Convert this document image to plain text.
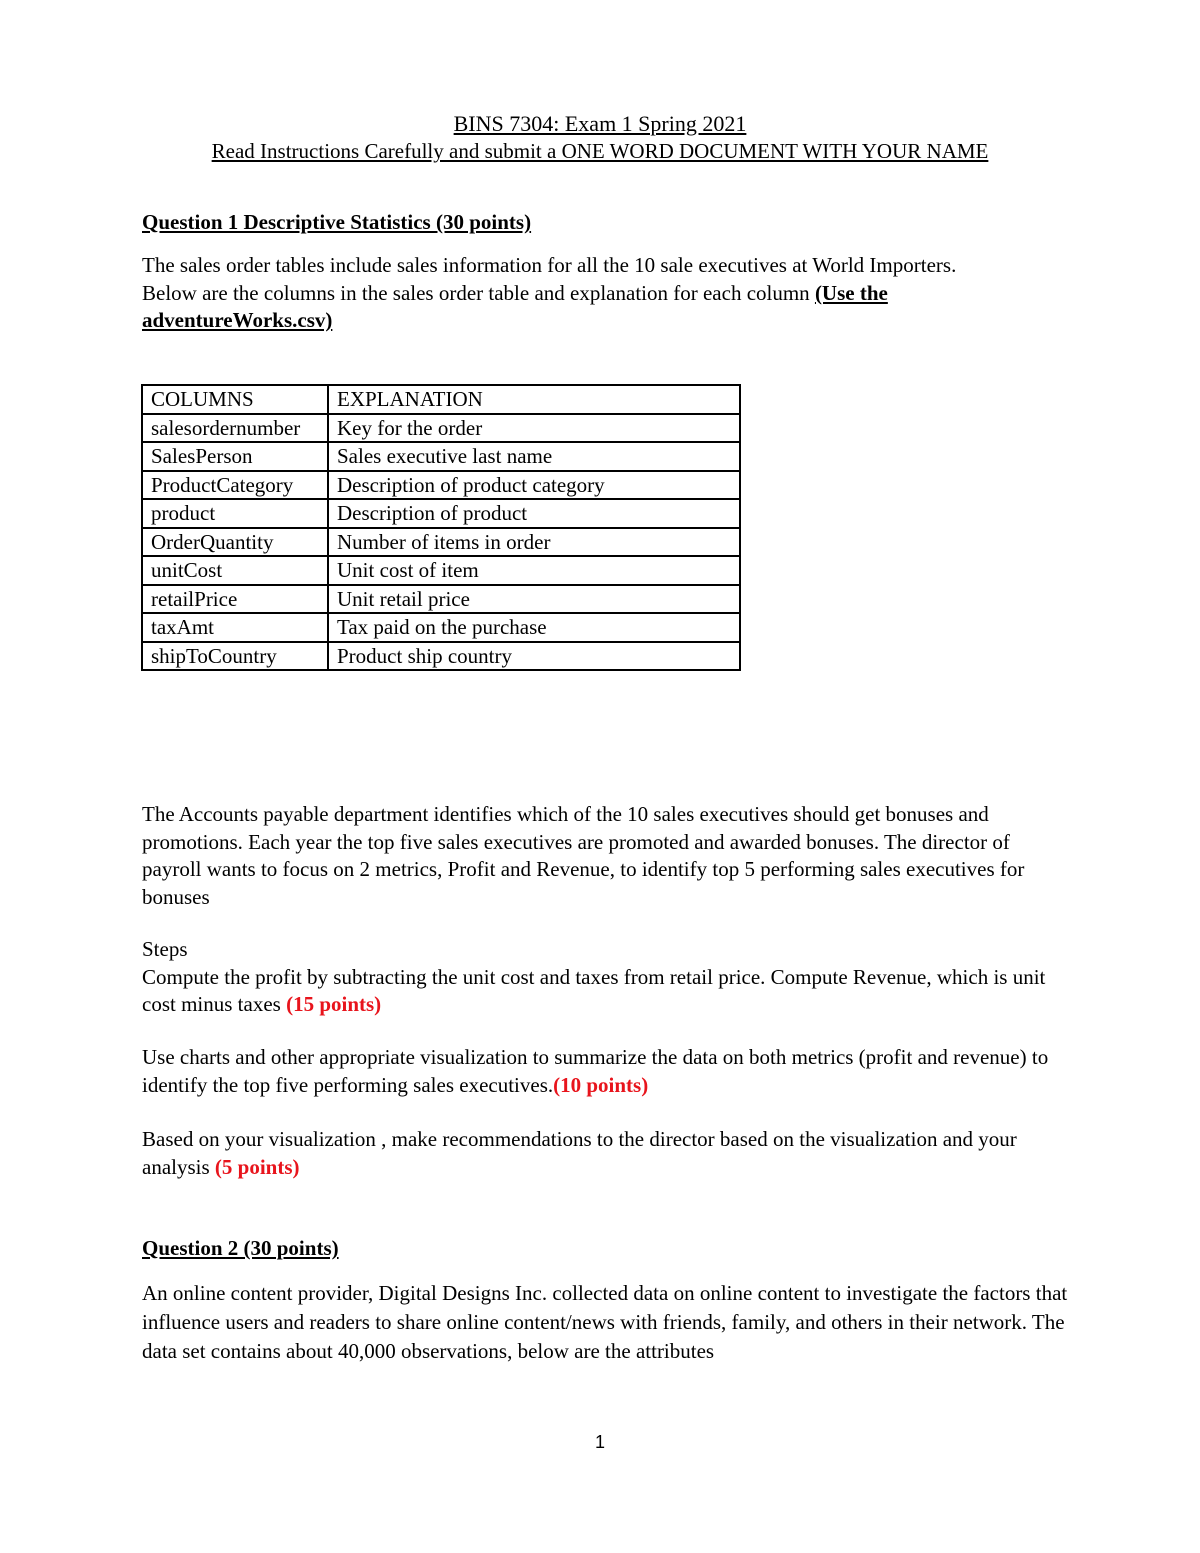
BINS 7304: Exam 1 Spring 2021
Read Instructions Carefully and submit a ONE WORD DOCUMENT WITH YOUR NAME
Question 1 Descriptive Statistics (30 points)
The sales order tables include sales information for all the 10 sale executives at World Importers.
Below are the columns in the sales order table and explanation for each column (Use the
adventureWorks.csv)
COLUMNS	EXPLANATION
salesordernumber	Key for the order
SalesPerson	Sales executive last name
ProductCategory	Description of product category
product	Description of product
OrderQuantity	Number of items in order
unitCost	Unit cost of item
retailPrice	Unit retail price
taxAmt	Tax paid on the purchase
shipToCountry	Product ship country
The Accounts payable department identifies which of the 10 sales executives should get bonuses and promotions. Each year the top five sales executives are promoted and awarded bonuses. The director of payroll wants to focus on 2 metrics, Profit and Revenue, to identify top 5 performing sales executives for bonuses
Steps
Compute the profit by subtracting the unit cost and taxes from retail price. Compute Revenue, which is unit cost minus taxes (15 points)
Use charts and other appropriate visualization to summarize the data on both metrics (profit and revenue) to identify the top five performing sales executives.(10 points)
Based on your visualization , make recommendations to the director based on the visualization and your analysis (5 points)
Question 2 (30 points)
An online content provider, Digital Designs Inc. collected data on online content to investigate the factors that influence users and readers to share online content/news with friends, family, and others in their network. The data set contains about 40,000 observations, below are the attributes
1
